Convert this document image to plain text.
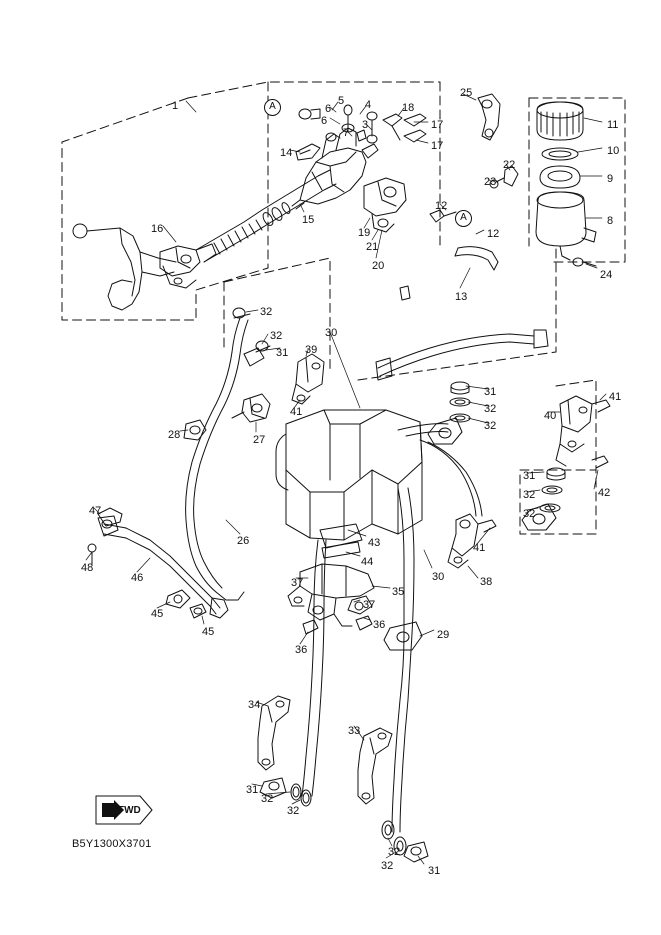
A
A
FWD
B5Y1300X3701
1	5
6	4	18
25
11
6
7
3	17
17	10
14
22
9
23
15
12
8
16	19	12
21
20
24
13
32
32	30
31 39
31	41
32
40
41
32
28	27
31
42
32
47	32
48
26
41
43
44
30	38
46	37
35
37
45
45
36
36
29
34
33
31
32
32
32
32	31
